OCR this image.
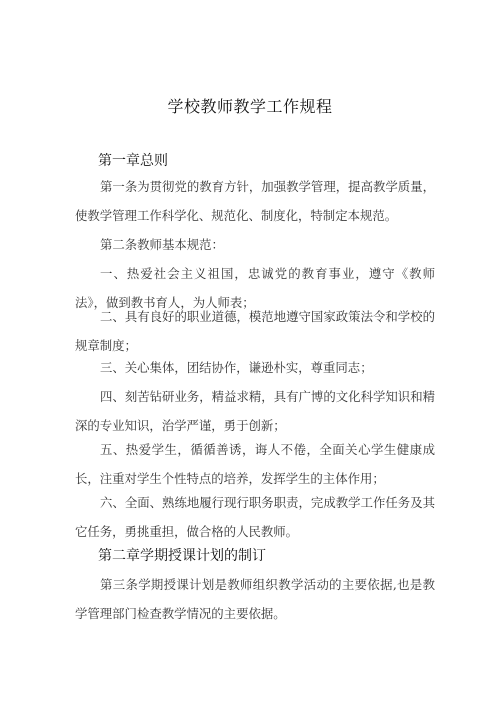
学校教师教学工作规程
第一章总则

第一条为贯彻党的教育方针，加强教学管理，提高教学质量，使教学管理工作科学化、规范化、制度化，特制定本规范。

第二条教师基本规范：

一、热爱社会主义祖国，忠诚党的教育事业，遵守《教师法》，做到教书育人，为人师表；

二、具有良好的职业道德，模范地遵守国家政策法令和学校的规章制度；

三、关心集体，团结协作，谦逊朴实，尊重同志；

四、刻苦钻研业务，精益求精，具有广博的文化科学知识和精深的专业知识，治学严谨，勇于创新；

五、热爱学生，循循善诱，诲人不倦，全面关心学生健康成长，注重对学生个性特点的培养，发挥学生的主体作用；

六、全面、熟练地履行现行职务职责，完成教学工作任务及其它任务，勇挑重担，做合格的人民教师。

第二章学期授课计划的制订

第三条学期授课计划是教师组织教学活动的主要依据,也是教学管理部门检查教学情况的主要依据。
